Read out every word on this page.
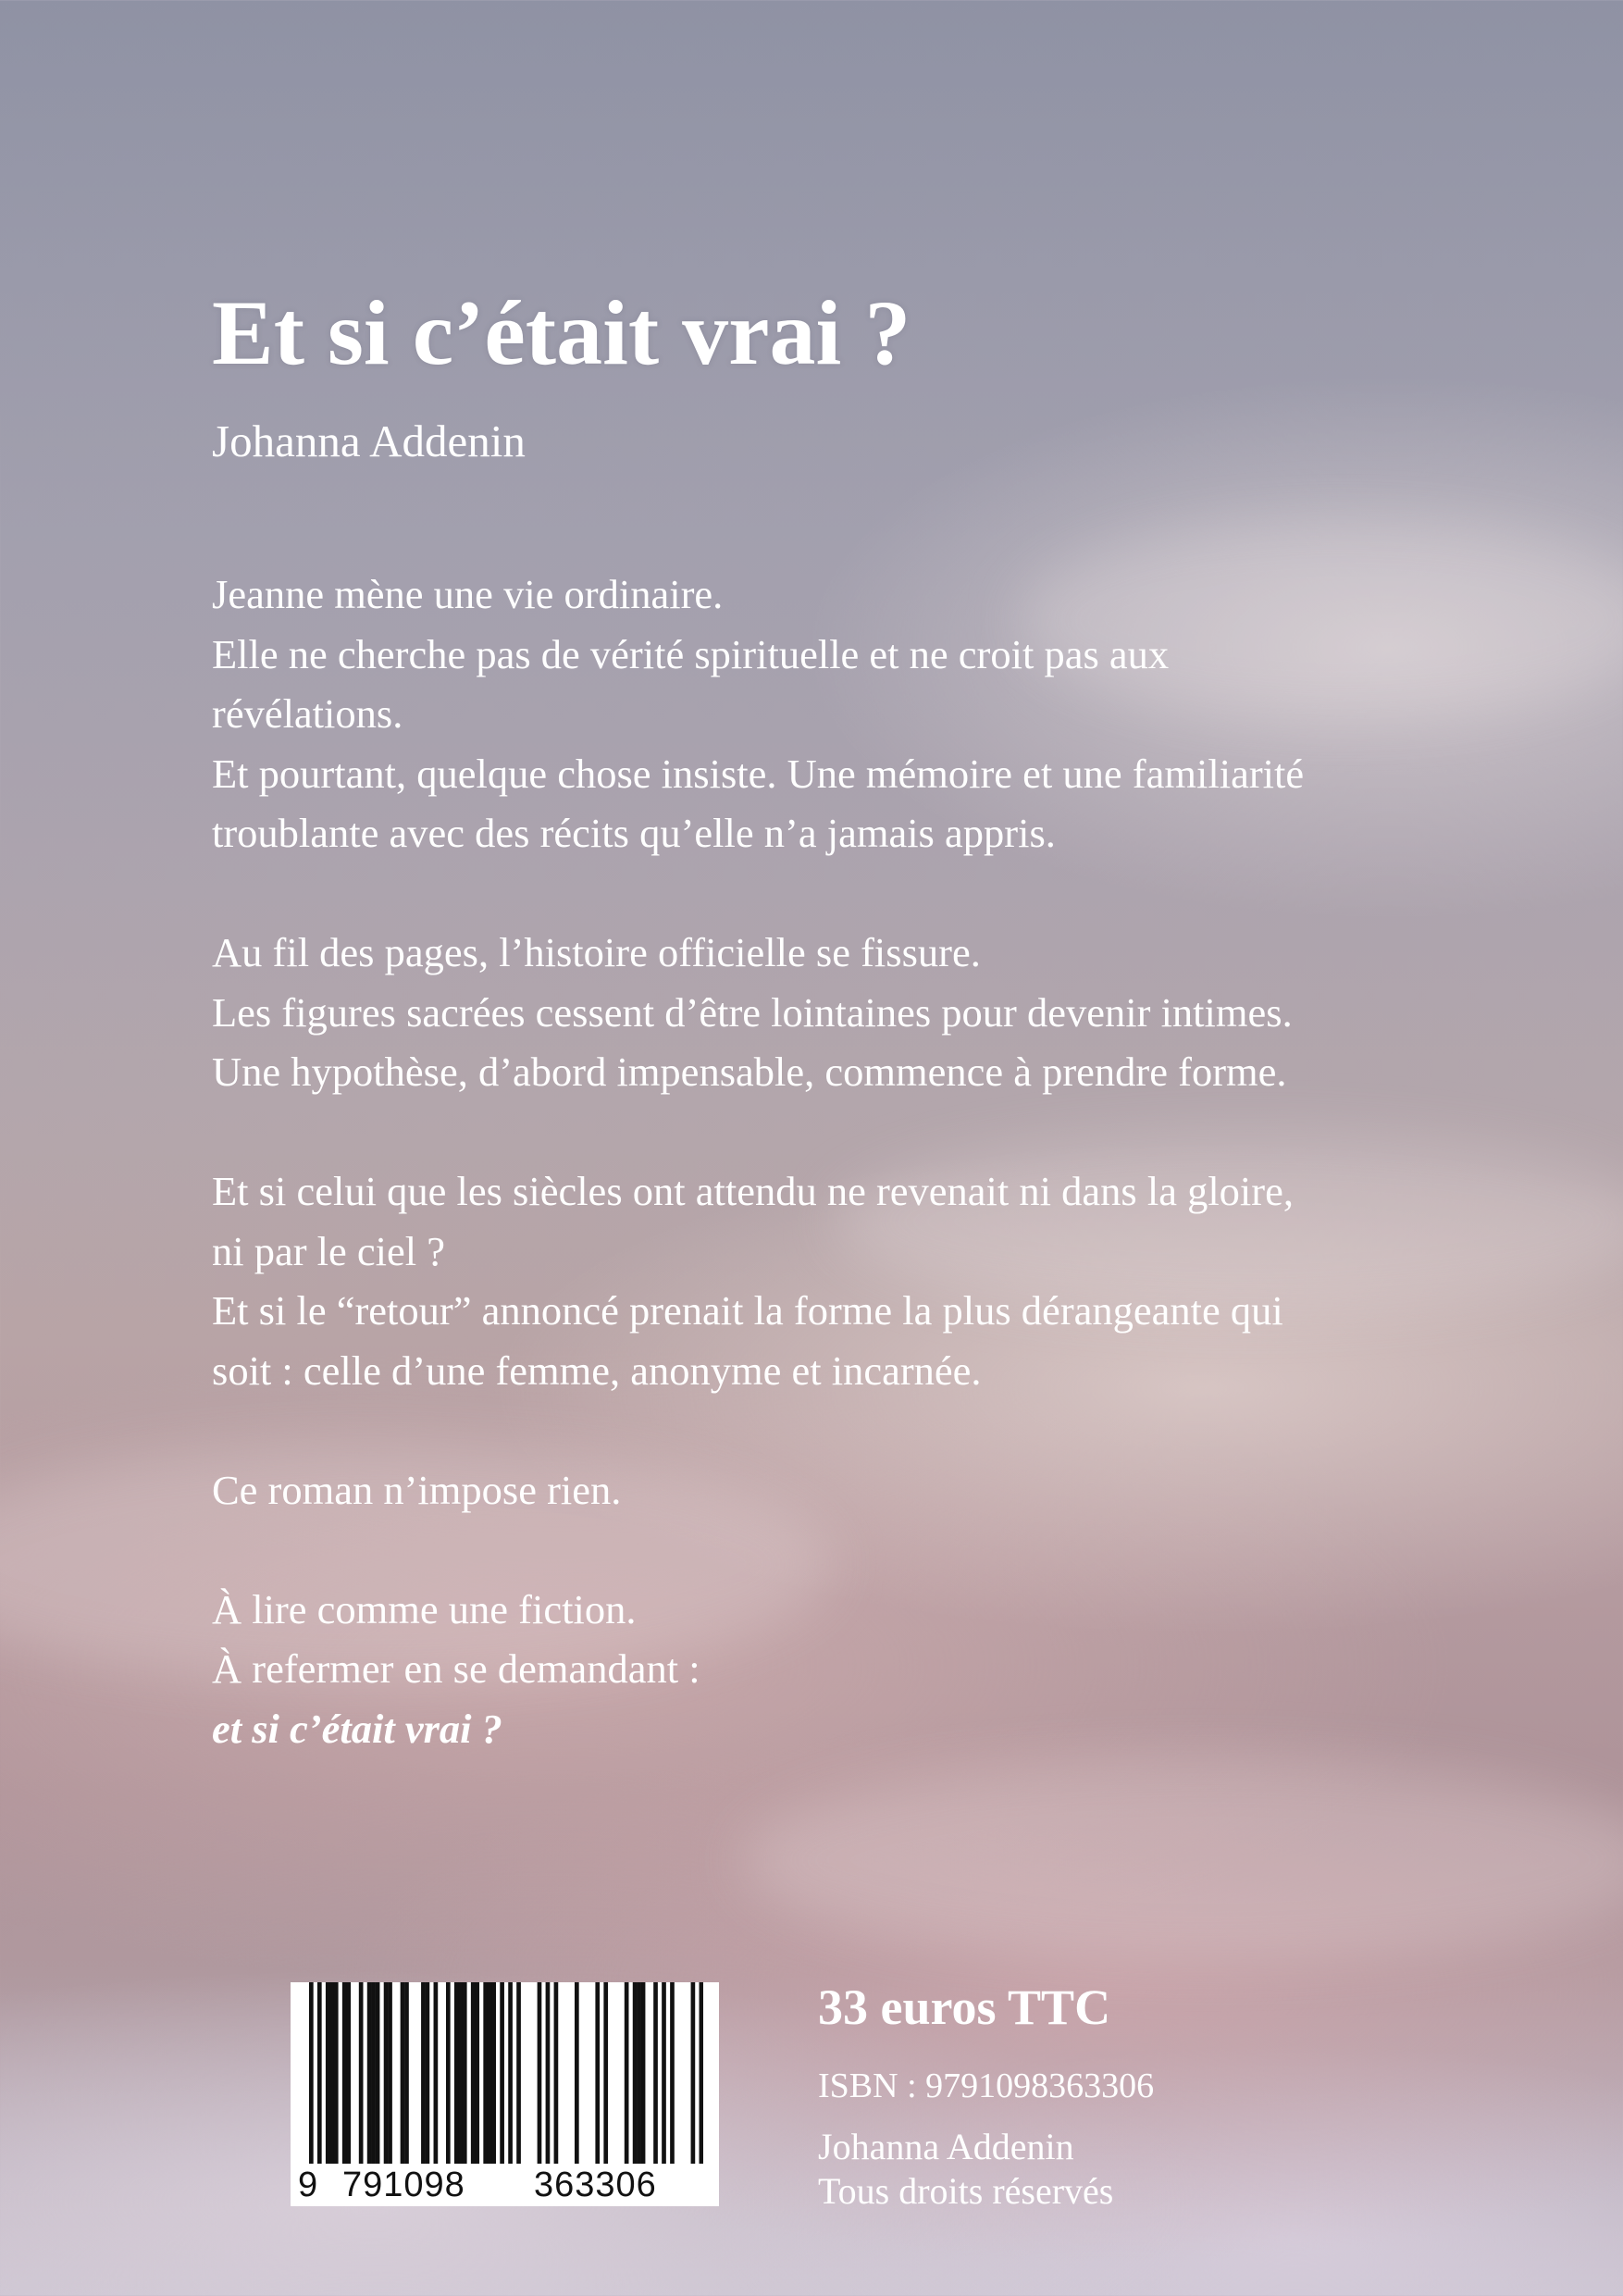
Et si c’était vrai ?

Johanna Addenin

Jeanne mène une vie ordinaire.
Elle ne cherche pas de vérité spirituelle et ne croit pas aux
révélations.
Et pourtant, quelque chose insiste. Une mémoire et une familiarité
troublante avec des récits qu’elle n’a jamais appris.

Au fil des pages, l’histoire officielle se fissure.
Les figures sacrées cessent d’être lointaines pour devenir intimes.
Une hypothèse, d’abord impensable, commence à prendre forme.

Et si celui que les siècles ont attendu ne revenait ni dans la gloire,
ni par le ciel ?
Et si le “retour” annoncé prenait la forme la plus dérangeante qui
soit : celle d’une femme, anonyme et incarnée.

Ce roman n’impose rien.

À lire comme une fiction.
À refermer en se demandant :
et si c’était vrai ?

9 791098 363306

33 euros TTC

ISBN : 9791098363306

Johanna Addenin
Tous droits réservés
